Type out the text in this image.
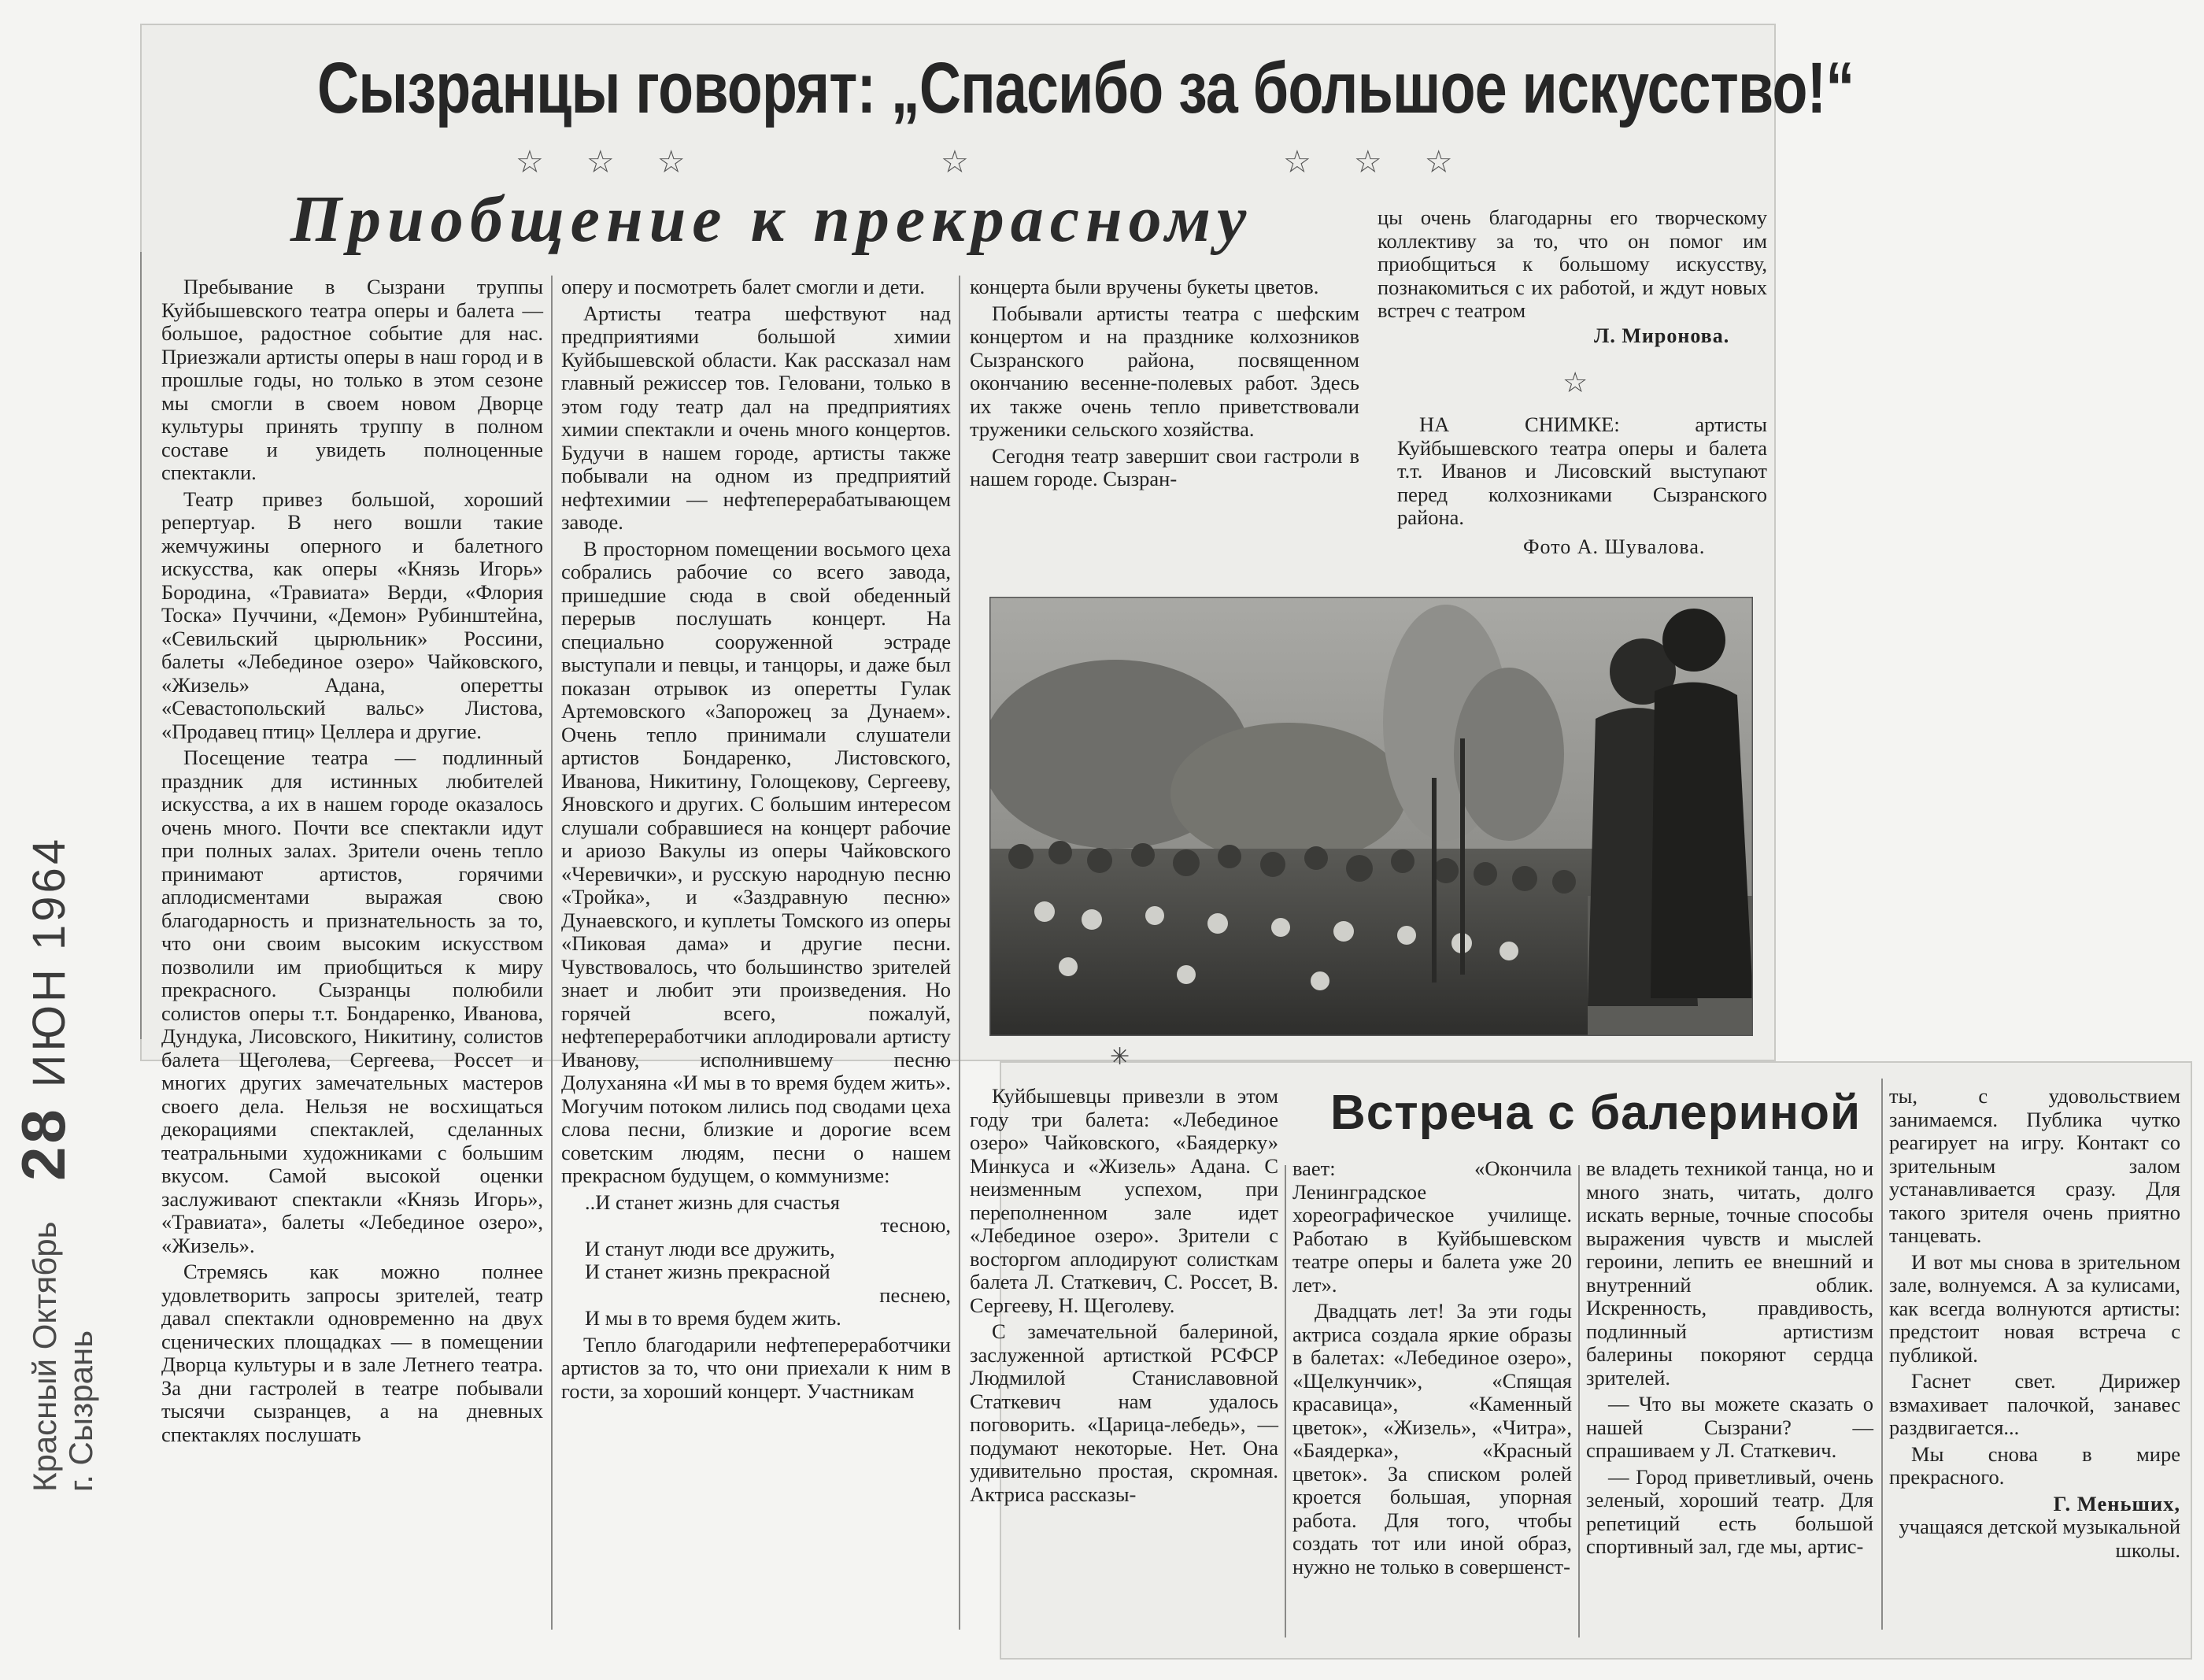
28ИЮН 1964
Красный Октябрь г. Сызрань
Сызранцы говорят: „Спасибо за большое искусство!“
☆ ☆ ☆	☆	☆ ☆ ☆
Приобщение к прекрасному

Пребывание в Сызрани труппы Куйбышевского театра оперы и балета — большое, радостное событие для нас. Приезжали артисты оперы в наш город и в прошлые годы, но только в этом сезоне мы смогли в своем новом Дворце культуры принять труппу в полном составе и увидеть полноценные спектакли.

Театр привез большой, хороший репертуар. В него вошли такие жемчужины оперного и балетного искусства, как оперы «Князь Игорь» Бородина, «Травиата» Верди, «Флория Тоска» Пуччини, «Демон» Рубинштейна, «Севильский цырюльник» Россини, балеты «Лебединое озеро» Чайковского, «Жизель» Адана, оперетты «Севастопольский вальс» Листова, «Продавец птиц» Целлера и другие.

Посещение театра — подлинный праздник для истинных любителей искусства, а их в нашем городе оказалось очень много. Почти все спектакли идут при полных залах. Зрители очень тепло принимают артистов, горячими аплодисментами выражая свою благодарность и признательность за то, что они своим высоким искусством позволили им приобщиться к миру прекрасного. Сызранцы полюбили солистов оперы т.т. Бондаренко, Иванова, Дундука, Лисовского, Никитину, солистов балета Щеголева, Сергеева, Россет и многих других замечательных мастеров своего дела. Нельзя не восхищаться декорациями спектаклей, сделанных театральными художниками с большим вкусом. Самой высокой оценки заслуживают спектакли «Князь Игорь», «Травиата», балеты «Лебединое озеро», «Жизель».

Стремясь как можно полнее удовлетворить запросы зрителей, театр давал спектакли одновременно на двух сценических площадках — в помещении Дворца культуры и в зале Летнего театра. За дни гастролей в театре побывали тысячи сызранцев, а на дневных спектаклях послушать

оперу и посмотреть балет смогли и дети.

Артисты театра шефствуют над предприятиями большой химии Куйбышевской области. Как рассказал нам главный режиссер тов. Геловани, только в этом году театр дал на предприятиях химии спектакли и очень много концертов. Будучи в нашем городе, артисты также побывали на одном из предприятий нефтехимии — нефтеперерабатывающем заводе.

В просторном помещении восьмого цеха собрались рабочие со всего завода, пришедшие сюда в свой обеденный перерыв послушать концерт. На специально сооруженной эстраде выступали и певцы, и танцоры, и даже был показан отрывок из оперетты Гулак Артемовского «Запорожец за Дунаем». Очень тепло принимали слушатели артистов Бондаренко, Листовского, Иванова, Никитину, Голощекову, Сергееву, Яновского и других. С большим интересом слушали собравшиеся на концерт рабочие и ариозо Вакулы из оперы Чайковского «Черевички», и русскую народную песню «Тройка», и «Заздравную песню» Дунаевского, и куплеты Томского из оперы «Пиковая дама» и другие песни. Чувствовалось, что большинство зрителей знает и любит эти произведения. Но горячей всего, пожалуй, нефтепереработчики аплодировали артисту Иванову, исполнившему песню Долуханяна «И мы в то время будем жить». Могучим потоком лились под сводами цеха слова песни, близкие и дорогие всем советским людям, песни о нашем прекрасном будущем, о коммунизме:

..И станет жизнь для счастья
тесною,
И станут люди все дружить,
И станет жизнь прекрасной
песнею,
И мы в то время будем жить.

Тепло благодарили нефтепереработчики артистов за то, что они приехали к ним в гости, за хороший концерт. Участникам

концерта были вручены букеты цветов.

Побывали артисты театра с шефским концертом и на празднике колхозников Сызранского района, посвященном окончанию весенне-полевых работ. Здесь их также очень тепло приветствовали труженики сельского хозяйства.

Сегодня театр завершит свои гастроли в нашем городе. Сызран-

цы очень благодарны его творческому коллективу за то, что он помог им приобщиться к большому искусству, познакомиться с их работой, и ждут новых встреч с театром

Л. Миронова.
☆

НА СНИМКЕ: артисты Куйбышевского театра оперы и балета т.т. Иванов и Лисовский выступают перед колхозниками Сызранского района.

Фото А. Шувалова.
✳
Встреча с балериной

Куйбышевцы привезли в этом году три балета: «Лебединое озеро» Чайковского, «Баядерку» Минкуса и «Жизель» Адана. С неизменным успехом, при переполненном зале идет «Лебединое озеро». Зрители с восторгом аплодируют солисткам балета Л. Статкевич, С. Россет, В. Сергееву, Н. Щеголеву.

С замечательной балериной, заслуженной артисткой РСФСР Людмилой Станиславовной Статкевич нам удалось поговорить. «Царица-лебедь», — подумают некоторые. Нет. Она удивительно простая, скромная. Актриса рассказы-

вает: «Окончила Ленинградское хореографическое училище. Работаю в Куйбышевском театре оперы и балета уже 20 лет».

Двадцать лет! За эти годы актриса создала яркие образы в балетах: «Лебединое озеро», «Щелкунчик», «Спящая красавица», «Каменный цветок», «Жизель», «Читра», «Баядерка», «Красный цветок». За списком ролей кроется большая, упорная работа. Для того, чтобы создать тот или иной образ, нужно не только в совершенст-

ве владеть техникой танца, но и много знать, читать, долго искать верные, точные способы выражения чувств и мыслей героини, лепить ее внешний и внутренний облик. Искренность, правдивость, подлинный артистизм балерины покоряют сердца зрителей.

— Что вы можете сказать о нашей Сызрани? — спрашиваем у Л. Статкевич.

— Город приветливый, очень зеленый, хороший театр. Для репетиций есть большой спортивный зал, где мы, артис-

ты, с удовольствием занимаемся. Публика чутко реагирует на игру. Контакт со зрительным залом устанавливается сразу. Для такого зрителя очень приятно танцевать.

И вот мы снова в зрительном зале, волнуемся. А за кулисами, как всегда волнуются артисты: предстоит новая встреча с публикой.

Гаснет свет. Дирижер взмахивает палочкой, занавес раздвигается...

Мы снова в мире прекрасного.

Г. Меньших,
учащаяся детской музыкальной школы.
